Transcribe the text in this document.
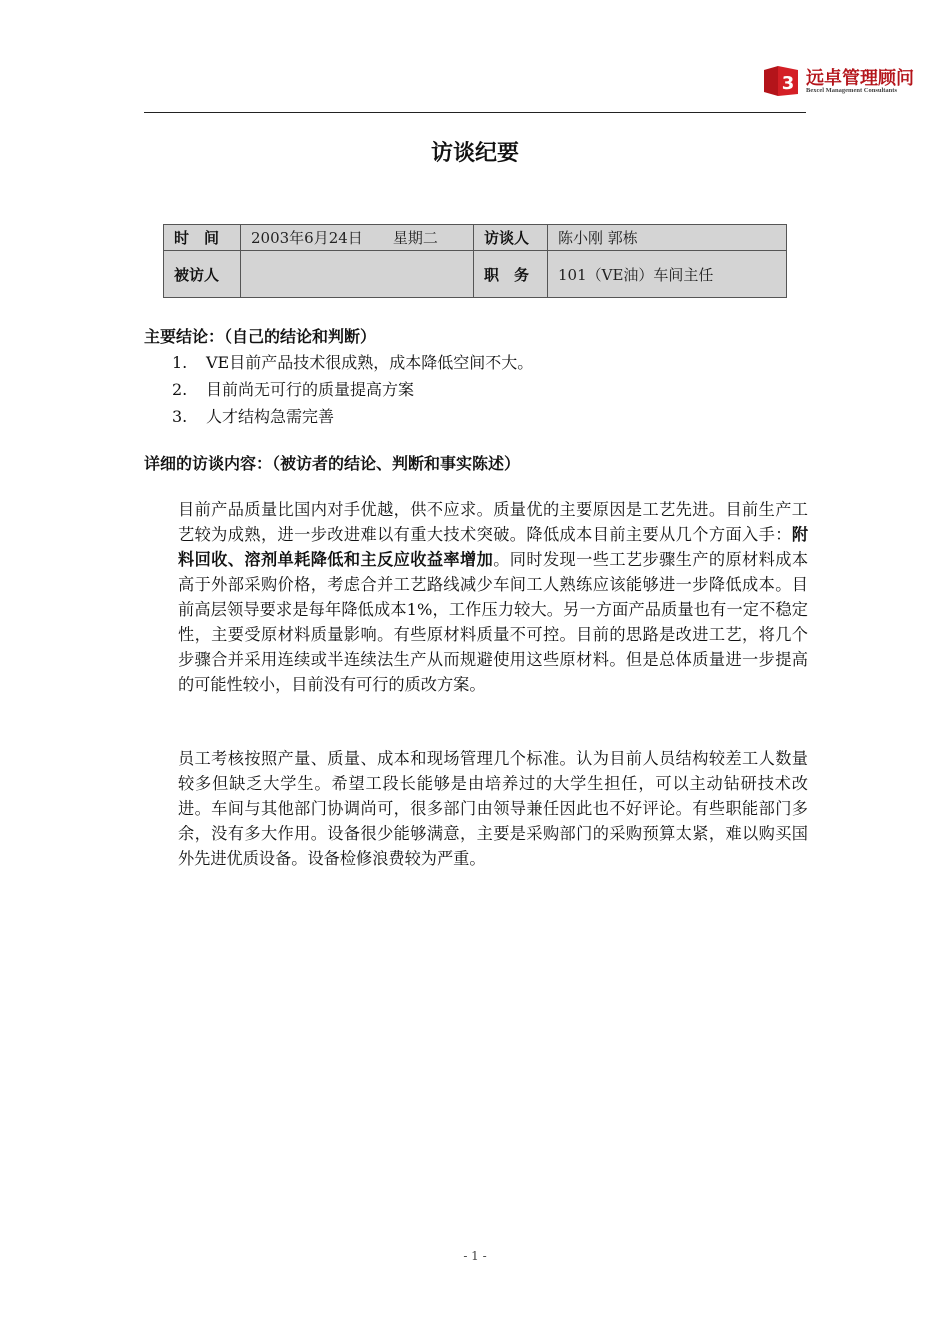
3 远卓管理顾问
Bexcel Management Consultants
访谈纪要
时　间	2003年6月24日 星期二	访谈人	陈小刚 郭栋
被访人		职　务	101（VE油）车间主任
主要结论：（自己的结论和判断）
1. VE目前产品技术很成熟，成本降低空间不大。
2. 目前尚无可行的质量提高方案
3. 人才结构急需完善
详细的访谈内容：（被访者的结论、判断和事实陈述）

目前产品质量比国内对手优越，供不应求。质量优的主要原因是工艺先进。目前生产工艺较为成熟，进一步改进难以有重大技术突破。降低成本目前主要从几个方面入手：附料回收、溶剂单耗降低和主反应收益率增加。同时发现一些工艺步骤生产的原材料成本高于外部采购价格，考虑合并工艺路线减少车间工人熟练应该能够进一步降低成本。目前高层领导要求是每年降低成本1%，工作压力较大。另一方面产品质量也有一定不稳定性，主要受原材料质量影响。有些原材料质量不可控。目前的思路是改进工艺，将几个步骤合并采用连续或半连续法生产从而规避使用这些原材料。但是总体质量进一步提高的可能性较小，目前没有可行的质改方案。

员工考核按照产量、质量、成本和现场管理几个标准。认为目前人员结构较差工人数量较多但缺乏大学生。希望工段长能够是由培养过的大学生担任，可以主动钻研技术改进。车间与其他部门协调尚可，很多部门由领导兼任因此也不好评论。有些职能部门多余，没有多大作用。设备很少能够满意，主要是采购部门的采购预算太紧，难以购买国外先进优质设备。设备检修浪费较为严重。

- 1 -
